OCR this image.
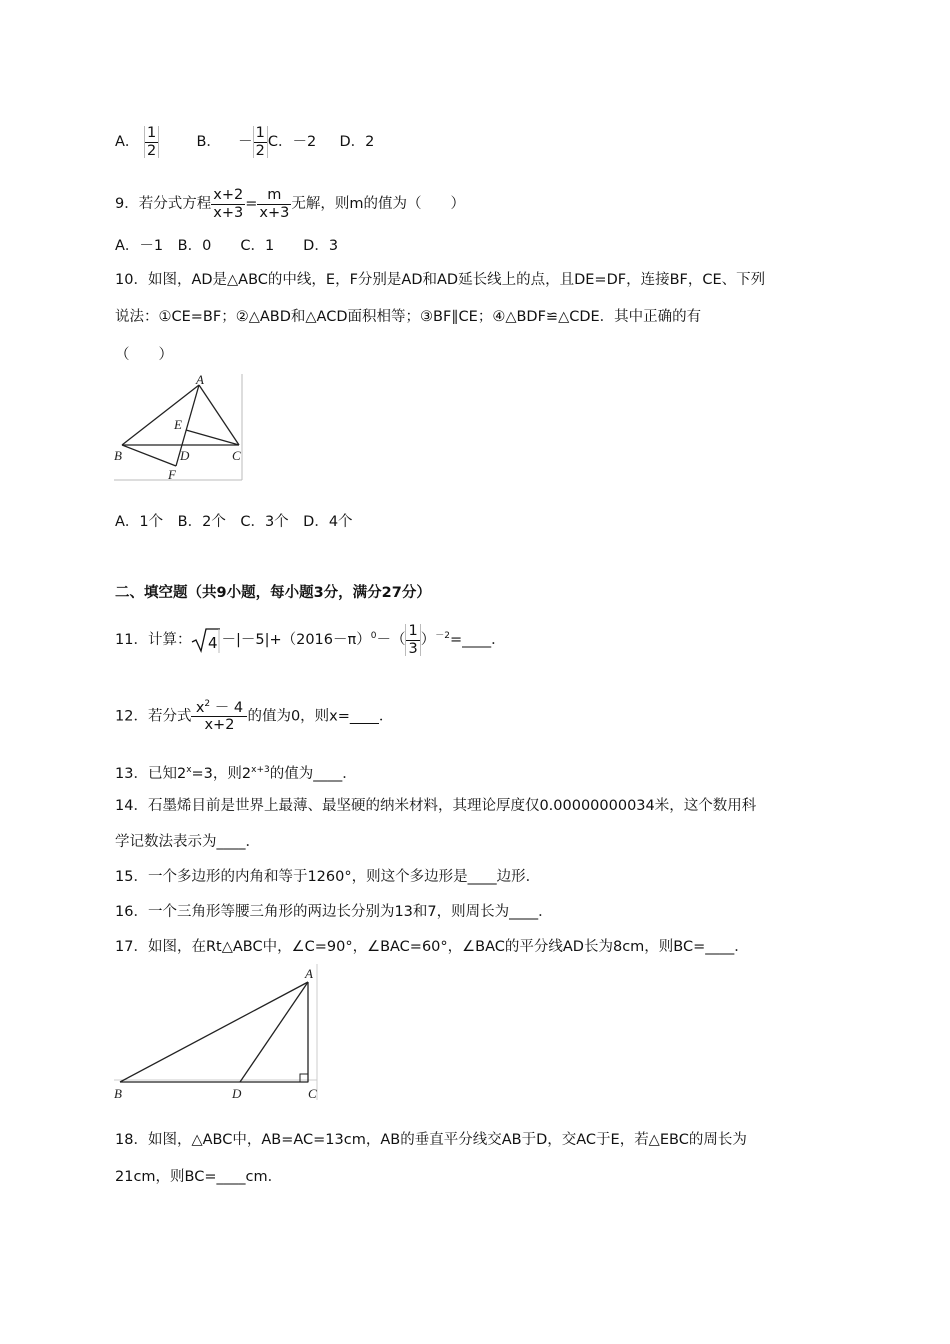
A． $\frac{1}{2}$	B． － $\frac{1}{2}$ C．－2 D．2
9．若分式方程 $\frac{x+2}{x+3} = \frac{m}{x+3}$ 无解，则m的值为（　　）
A．－1　B．0　　C．1　　D．3
10．如图，AD是△ABC的中线，E，F分别是AD和AD延长线上的点，且DE=DF，连接BF，CE、下列
说法：①CE=BF；②△ABD和△ACD面积相等；③BF∥CE；④△BDF≌△CDE．其中正确的有
（　　）
A
B	C
D
E
F
A．1个　B．2个　C．3个　D．4个
二、填空题（共9小题，每小题3分，满分27分）
11．计算： $4 -|-5|+(2016-\pi)^0-( \frac{1}{3}$ ）$^{-2}=\_\_\_\_$．
12．若分式 $\frac{x^2 - 4}{x+2}$ 的值为0，则x=____．
13．已知$2^x=3$，则$2^{x+3}$的值为____．
14．石墨烯目前是世界上最薄、最坚硬的纳米材料，其理论厚度仅0.00000000034米，这个数用科
学记数法表示为____．
15．一个多边形的内角和等于1260°，则这个多边形是____边形．
16．一个三角形等腰三角形的两边长分别为13和7，则周长为____．
17．如图，在Rt△ABC中，∠C=90°，∠BAC=60°，∠BAC的平分线AD长为8cm，则BC=____．
A
B	C
D
18．如图，△ABC中，AB=AC=13cm，AB的垂直平分线交AB于D，交AC于E，若△EBC的周长为
21cm，则BC=____cm．
